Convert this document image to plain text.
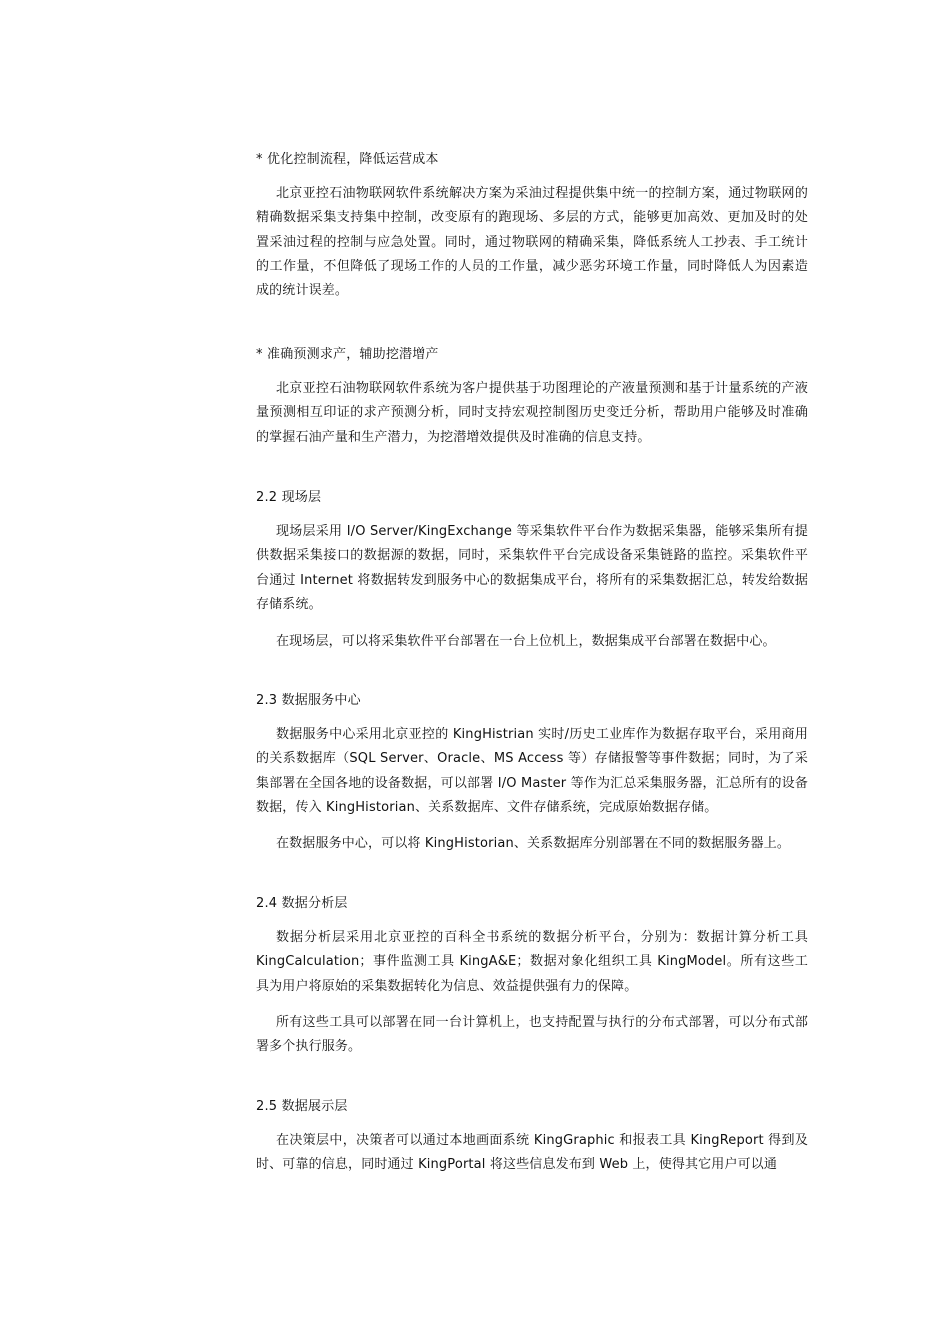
* 优化控制流程，降低运营成本
北京亚控石油物联网软件系统解决方案为采油过程提供集中统一的控制方案，通过物联网的精确数据采集支持集中控制，改变原有的跑现场、多层的方式，能够更加高效、更加及时的处置采油过程的控制与应急处置。同时，通过物联网的精确采集，降低系统人工抄表、手工统计的工作量，不但降低了现场工作的人员的工作量，减少恶劣环境工作量，同时降低人为因素造成的统计误差。
* 准确预测求产，辅助挖潜增产
北京亚控石油物联网软件系统为客户提供基于功图理论的产液量预测和基于计量系统的产液量预测相互印证的求产预测分析，同时支持宏观控制图历史变迁分析，帮助用户能够及时准确的掌握石油产量和生产潜力，为挖潜增效提供及时准确的信息支持。
2.2 现场层
现场层采用 I/O Server/KingExchange 等采集软件平台作为数据采集器，能够采集所有提供数据采集接口的数据源的数据，同时，采集软件平台完成设备采集链路的监控。采集软件平台通过 Internet 将数据转发到服务中心的数据集成平台，将所有的采集数据汇总，转发给数据存储系统。
在现场层，可以将采集软件平台部署在一台上位机上，数据集成平台部署在数据中心。
2.3 数据服务中心
数据服务中心采用北京亚控的 KingHistrian 实时/历史工业库作为数据存取平台，采用商用的关系数据库（SQL Server、Oracle、MS Access 等）存储报警等事件数据；同时，为了采集部署在全国各地的设备数据，可以部署 I/O Master 等作为汇总采集服务器，汇总所有的设备数据，传入 KingHistorian、关系数据库、文件存储系统，完成原始数据存储。
在数据服务中心，可以将 KingHistorian、关系数据库分别部署在不同的数据服务器上。
2.4 数据分析层
数据分析层采用北京亚控的百科全书系统的数据分析平台，分别为：数据计算分析工具 KingCalculation；事件监测工具 KingA&E；数据对象化组织工具 KingModel。所有这些工具为用户将原始的采集数据转化为信息、效益提供强有力的保障。
所有这些工具可以部署在同一台计算机上，也支持配置与执行的分布式部署，可以分布式部署多个执行服务。
2.5 数据展示层
在决策层中，决策者可以通过本地画面系统 KingGraphic 和报表工具 KingReport 得到及时、可靠的信息，同时通过 KingPortal 将这些信息发布到 Web 上，使得其它用户可以通
